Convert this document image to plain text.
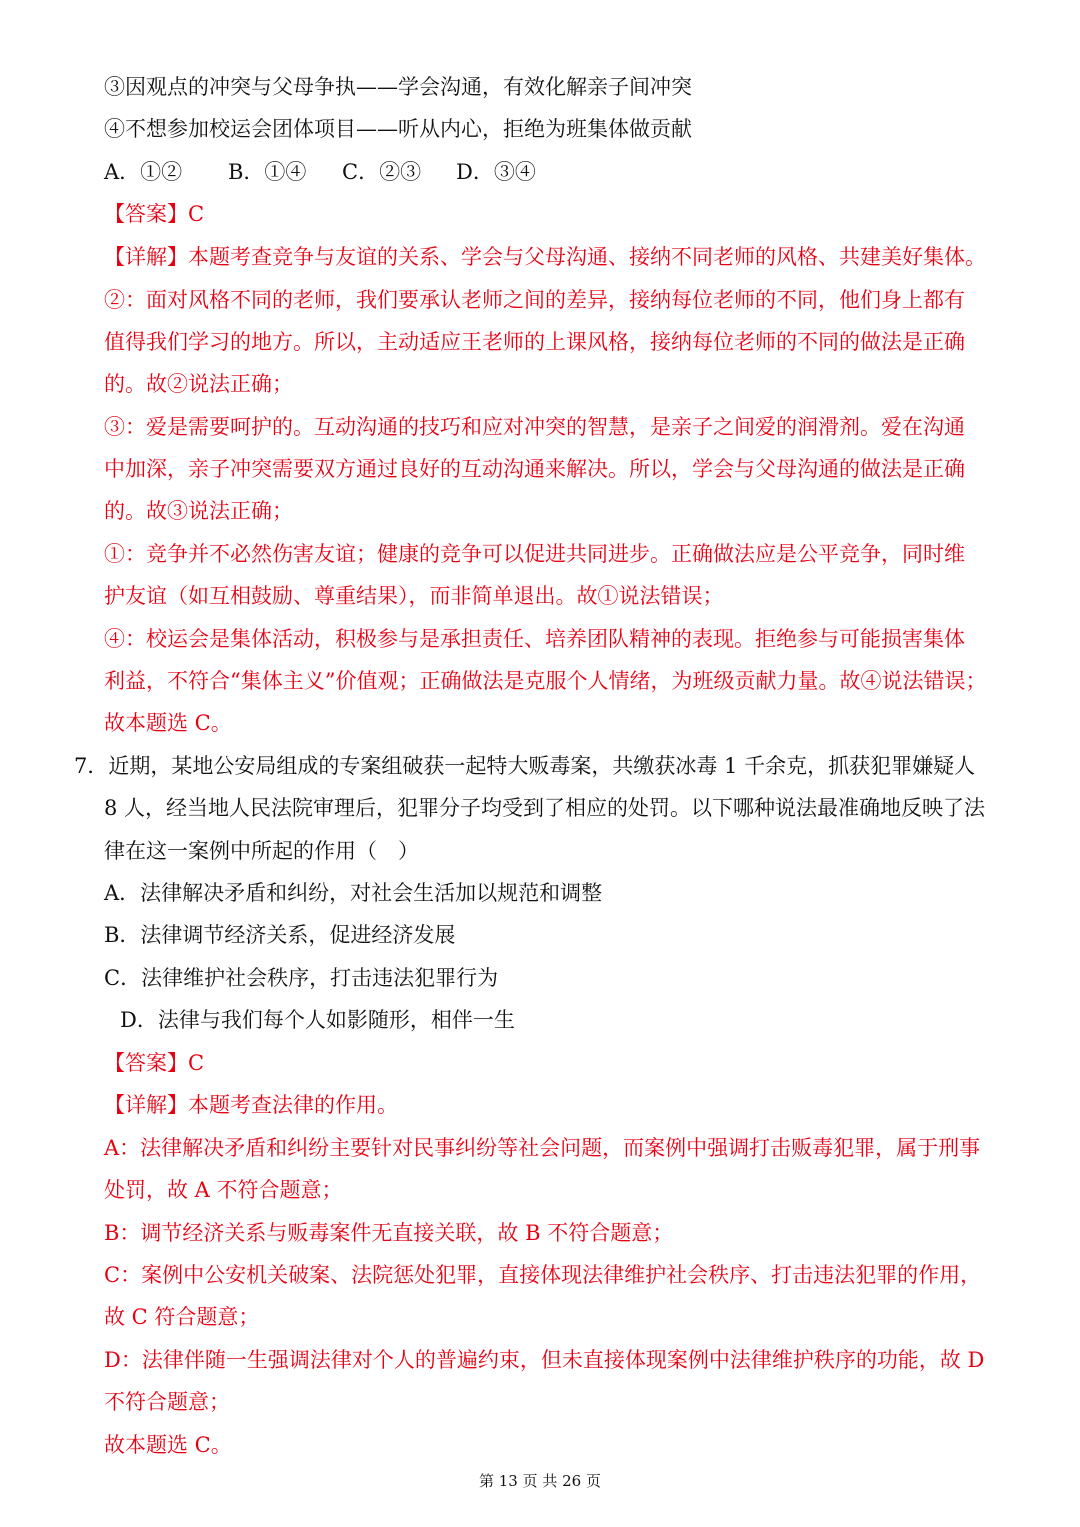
③因观点的冲突与父母争执——学会沟通，有效化解亲子间冲突
④不想参加校运会团体项目——听从内心，拒绝为班集体做贡献
A．①② B．①④ C．②③ D．③④
【答案】C
【详解】本题考查竞争与友谊的关系、学会与父母沟通、接纳不同老师的风格、共建美好集体。
②：面对风格不同的老师，我们要承认老师之间的差异，接纳每位老师的不同，他们身上都有
值得我们学习的地方。所以，主动适应王老师的上课风格，接纳每位老师的不同的做法是正确
的。故②说法正确；
③：爱是需要呵护的。互动沟通的技巧和应对冲突的智慧，是亲子之间爱的润滑剂。爱在沟通
中加深，亲子冲突需要双方通过良好的互动沟通来解决。所以，学会与父母沟通的做法是正确
的。故③说法正确；
①：竞争并不必然伤害友谊；健康的竞争可以促进共同进步。正确做法应是公平竞争，同时维
护友谊（如互相鼓励、尊重结果），而非简单退出。故①说法错误；
④：校运会是集体活动，积极参与是承担责任、培养团队精神的表现。拒绝参与可能损害集体
利益，不符合“集体主义”价值观；正确做法是克服个人情绪，为班级贡献力量。故④说法错误；
故本题选 C。
7．近期，某地公安局组成的专案组破获一起特大贩毒案，共缴获冰毒 1 千余克，抓获犯罪嫌疑人
8 人，经当地人民法院审理后，犯罪分子均受到了相应的处罚。以下哪种说法最准确地反映了法
律在这一案例中所起的作用（　）
A．法律解决矛盾和纠纷，对社会生活加以规范和调整
B．法律调节经济关系，促进经济发展
C．法律维护社会秩序，打击违法犯罪行为
D．法律与我们每个人如影随形，相伴一生
【答案】C
【详解】本题考查法律的作用。
A：法律解决矛盾和纠纷主要针对民事纠纷等社会问题，而案例中强调打击贩毒犯罪，属于刑事
处罚，故 A 不符合题意；
B：调节经济关系与贩毒案件无直接关联，故 B 不符合题意；
C：案例中公安机关破案、法院惩处犯罪，直接体现法律维护社会秩序、打击违法犯罪的作用，
故 C 符合题意；
D：法律伴随一生强调法律对个人的普遍约束，但未直接体现案例中法律维护秩序的功能，故 D
不符合题意；
故本题选 C。
第 13 页 共 26 页
